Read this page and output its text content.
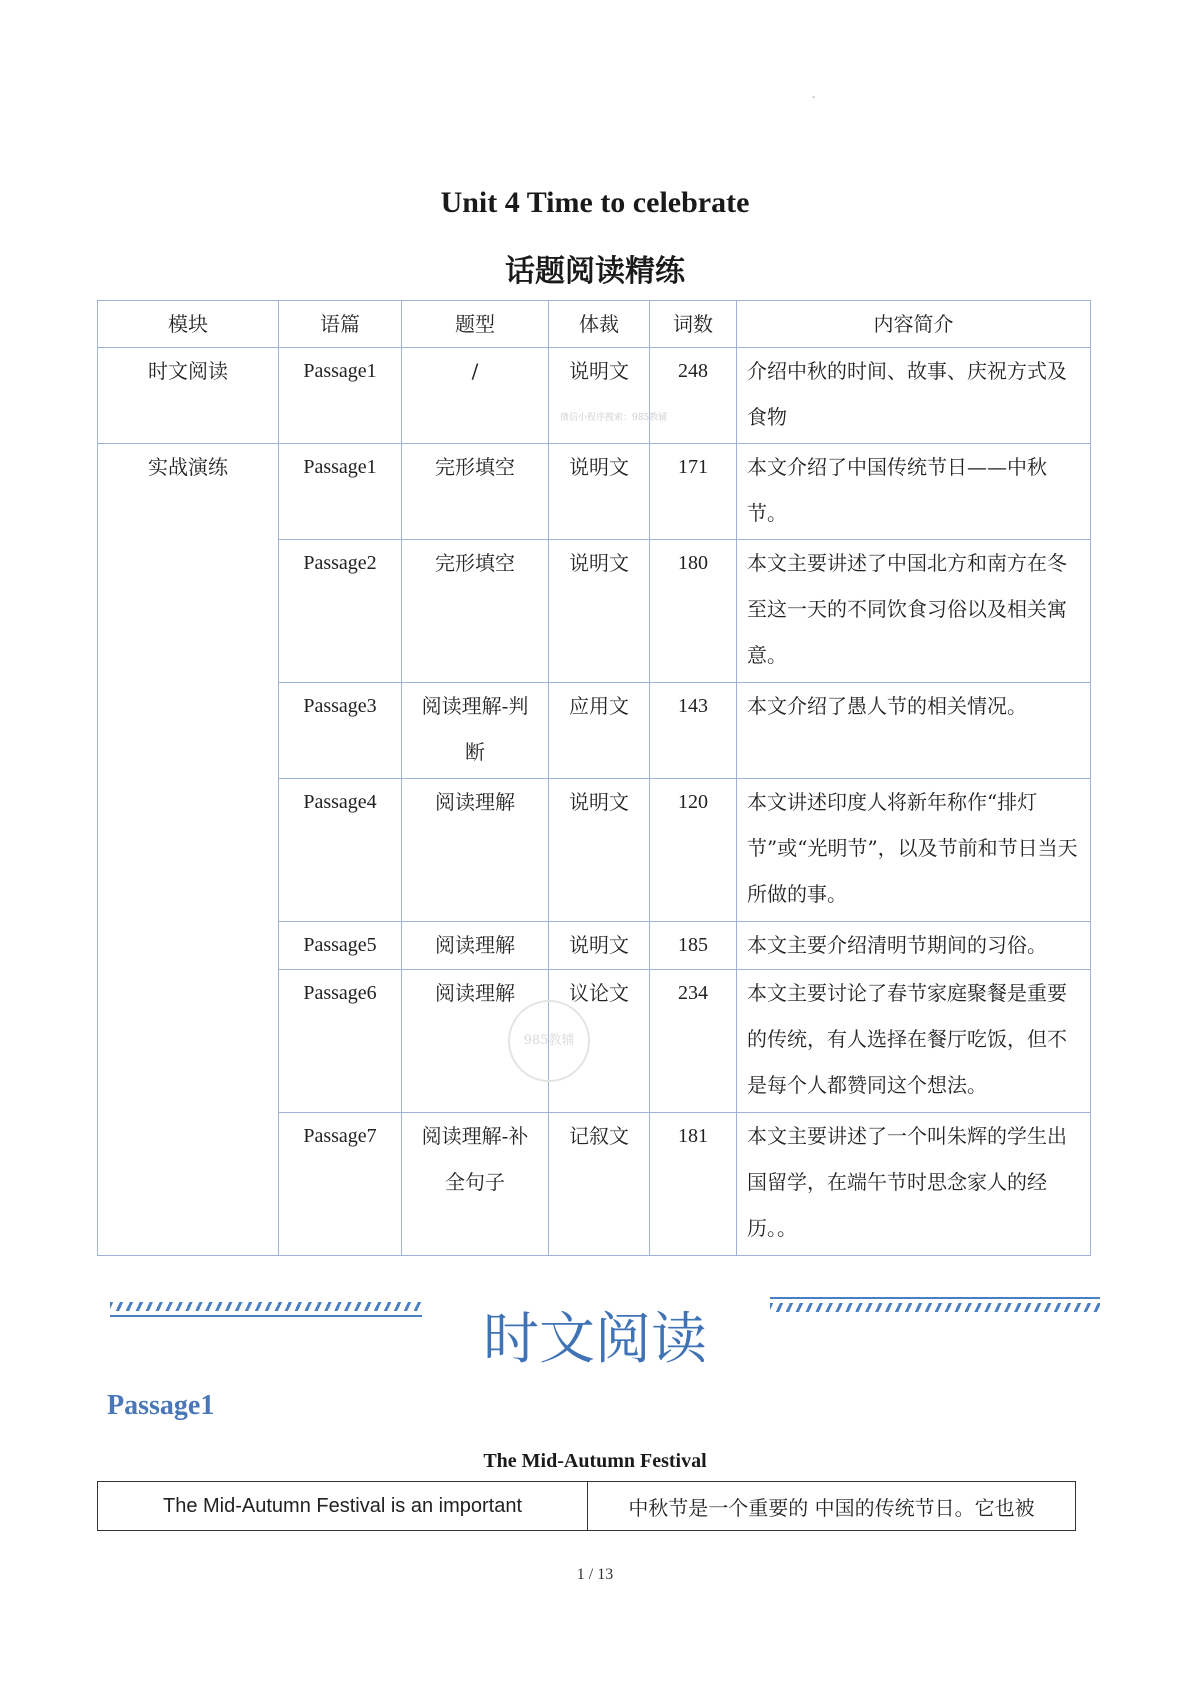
-
Unit 4 Time to celebrate
话题阅读精练
模块	语篇	题型	体裁	词数	内容简介
时文阅读	Passage1	/	说明文	248	介绍中秋的时间、故事、庆祝方式及食物
实战演练	Passage1	完形填空	说明文	171	本文介绍了中国传统节日——中秋节。
	Passage2	完形填空	说明文	180	本文主要讲述了中国北方和南方在冬至这一天的不同饮食习俗以及相关寓意。
	Passage3	阅读理解-判断	应用文	143	本文介绍了愚人节的相关情况。
	Passage4	阅读理解	说明文	120	本文讲述印度人将新年称作“排灯节”或“光明节”，以及节前和节日当天所做的事。
	Passage5	阅读理解	说明文	185	本文主要介绍清明节期间的习俗。
	Passage6	阅读理解	议论文	234	本文主要讨论了春节家庭聚餐是重要的传统，有人选择在餐厅吃饭，但不是每个人都赞同这个想法。
	Passage7	阅读理解-补全句子	记叙文	181	本文主要讲述了一个叫朱辉的学生出国留学，在端午节时思念家人的经历。。
微信小程序搜索：985教辅
985教辅
时文阅读
Passage1
The Mid-Autumn Festival
The Mid-Autumn Festival is an important	中秋节是一个重要的 中国的传统节日。它也被
1 / 13
